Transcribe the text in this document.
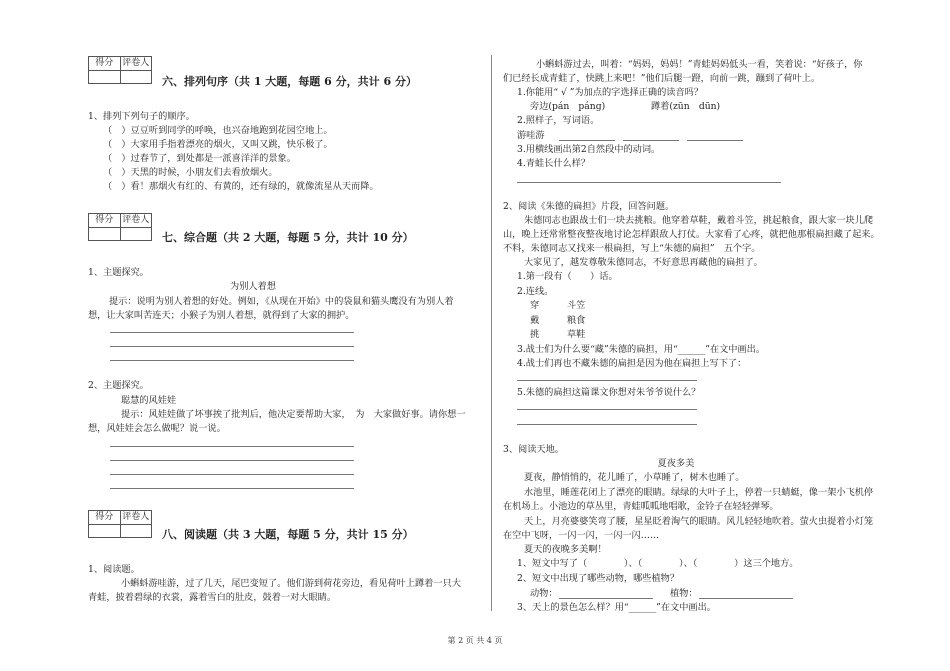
得分 评卷人
六、排列句序（共 1 大题，每题 6 分，共计 6 分）
1、排列下列句子的顺序。
（　）豆豆听到同学的呼唤，也兴奋地跑到花园空地上。
（　）大家用手指着漂亮的烟火，又叫又跳，快乐极了。
（　）过春节了，到处都是一派喜洋洋的景象。
（　）天黑的时候，小朋友们去看放烟火。
（　）看！那烟火有红的、有黄的，还有绿的，就像流星从天而降。
得分 评卷人
七、综合题（共 2 大题，每题 5 分，共计 10 分）
1、主题探究。
为别人着想
提示：说明为别人着想的好处。例如，《从现在开始》中的袋鼠和猫头鹰没有为别人着
想，让大家叫苦连天；小猴子为别人着想，就得到了大家的拥护。
2、主题探究。
聪慧的风娃娃
提示：风娃娃做了坏事挨了批判后，他决定要帮助大家，　为　大家做好事。请你想一
想，风娃娃会怎么做呢？说一说。
得分 评卷人
八、阅读题（共 3 大题，每题 5 分，共计 15 分）
1、阅读题。
小蝌蚪游哇游，过了几天，尾巴变短了。他们游到荷花旁边，看见荷叶上蹲着一只大
青蛙，披着碧绿的衣裳，露着雪白的肚皮，鼓着一对大眼睛。
小蝌蚪游过去，叫着：“妈妈，妈妈！”青蛙妈妈低头一看，笑着说：“好孩子，你
们已经长成青蛙了，快跳上来吧！”他们后腿一蹬，向前一跳，蹦到了荷叶上。
1.你能用“ √ ”为加点的字选择正确的读音吗？
旁边(pán　páng)	蹲着(zūn　dūn)
2.照样子，写词语。
游哇游
3.用横线画出第2自然段中的动词。
4.青蛙长什么样？
2、阅读《朱德的扁担》片段，回答问题。
朱德同志也跟战士们一块去挑粮。他穿着草鞋，戴着斗笠，挑起粮食，跟大家一块儿爬
山，晚上还常常整夜整夜地讨论怎样跟敌人打仗。大家看了心疼，就把他那根扁担藏了起来。
不料，朱德同志又找来一根扁担，写上“朱德的扁担”　五个字。
大家见了，越发尊敬朱德同志，不好意思再藏他的扁担了。
1.第一段有（　　）话。
2.连线。
穿	斗笠
戴	粮食
挑	草鞋
3.战士们为什么要“藏”朱德的扁担，用“______”在文中画出。
4.战士们再也不藏朱德的扁担是因为他在扁担上写下了：
5.朱德的扁担这篇课文你想对朱爷爷说什么？
3、阅读天地。
夏夜多美
夏夜，静悄悄的，花儿睡了，小草睡了，树木也睡了。
水池里，睡莲花闭上了漂亮的眼睛。绿绿的大叶子上，停着一只蜻蜓，像一架小飞机停
在机场上。小池边的草丛里，青蛙呱呱地唱歌，金铃子在轻轻弹琴。
天上，月亮婆婆笑弯了腰，星星眨着淘气的眼睛。风儿轻轻地吹着。萤火虫提着小灯笼
在空中飞呀，一闪一闪，一闪一闪……
夏天的夜晚多美啊！
1、短文中写了（　　　　）、（　　　　）、（　　　　）这三个地方。
2、短文中出现了哪些动物，哪些植物？
动物：	植物：
3、天上的景色怎么样？用“______”在文中画出。
第 2 页 共 4 页
